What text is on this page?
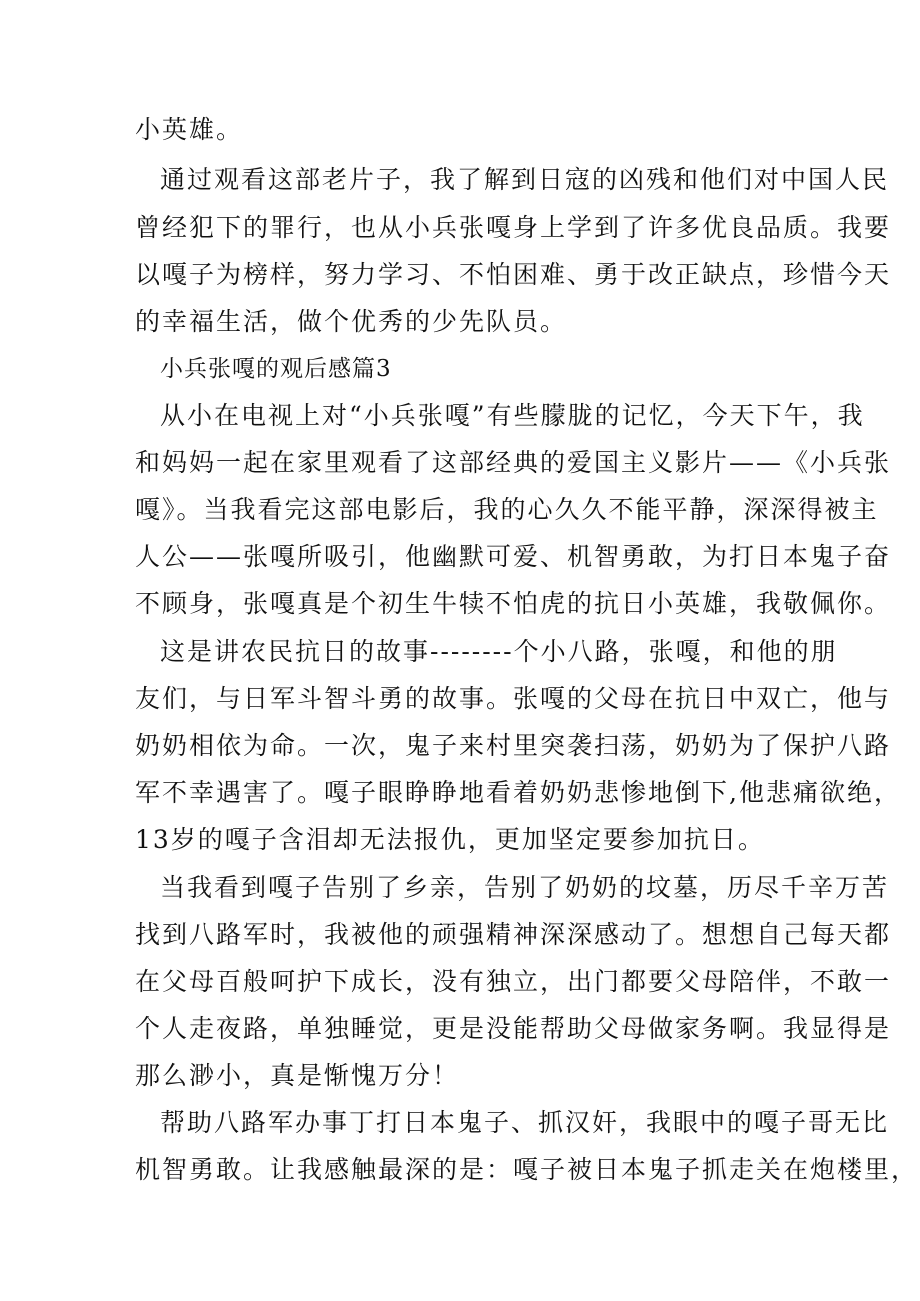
小英雄。
通过观看这部老片子，我了解到日寇的凶残和他们对中国人民
曾经犯下的罪行，也从小兵张嘎身上学到了许多优良品质。我要
以嘎子为榜样，努力学习、不怕困难、勇于改正缺点，珍惜今天
的幸福生活，做个优秀的少先队员。
小兵张嘎的观后感篇3
从小在电视上对“小兵张嘎”有些朦胧的记忆，今天下午，我
和妈妈一起在家里观看了这部经典的爱国主义影片——《小兵张
嘎》。当我看完这部电影后，我的心久久不能平静，深深得被主
人公——张嘎所吸引，他幽默可爱、机智勇敢，为打日本鬼子奋
不顾身，张嘎真是个初生牛犊不怕虎的抗日小英雄，我敬佩你。
这是讲农民抗日的故事--------个小八路，张嘎，和他的朋
友们，与日军斗智斗勇的故事。张嘎的父母在抗日中双亡，他与
奶奶相依为命。一次，鬼子来村里突袭扫荡，奶奶为了保护八路
军不幸遇害了。嘎子眼睁睁地看着奶奶悲惨地倒下,他悲痛欲绝，
13岁的嘎子含泪却无法报仇，更加坚定要参加抗日。
当我看到嘎子告别了乡亲，告别了奶奶的坟墓，历尽千辛万苦
找到八路军时，我被他的顽强精神深深感动了。想想自己每天都
在父母百般呵护下成长，没有独立，出门都要父母陪伴，不敢一
个人走夜路，单独睡觉，更是没能帮助父母做家务啊。我显得是
那么渺小，真是惭愧万分！
帮助八路军办事丁打日本鬼子、抓汉奸，我眼中的嘎子哥无比
机智勇敢。让我感触最深的是：嘎子被日本鬼子抓走关在炮楼里，
